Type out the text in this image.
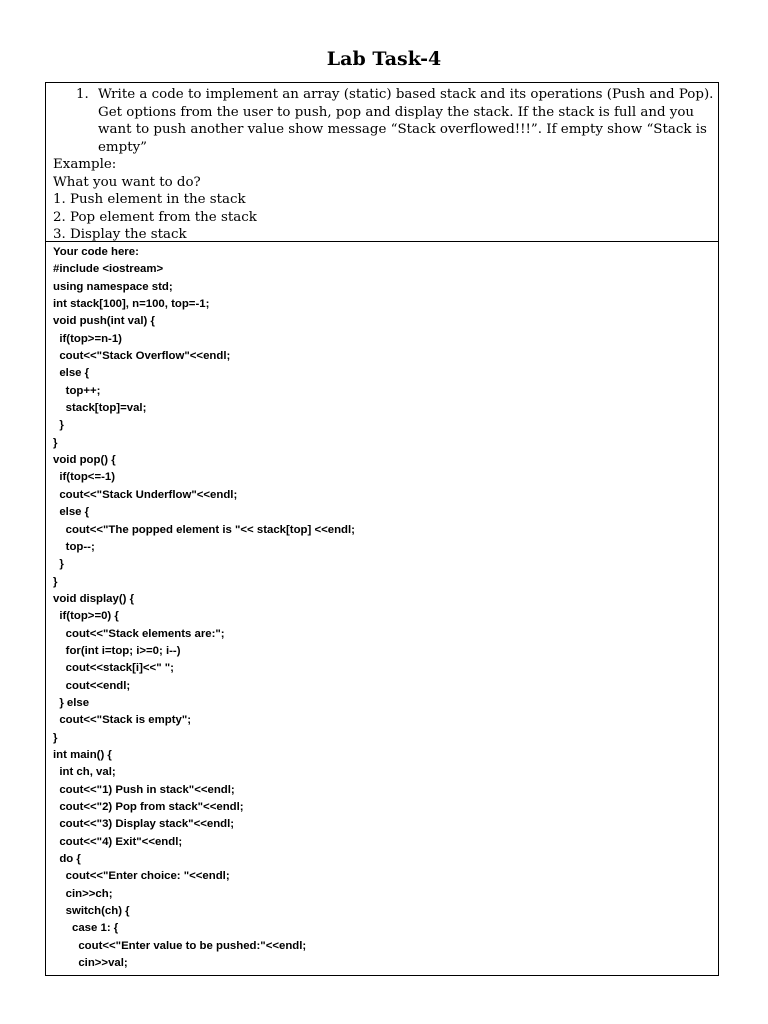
Lab Task-4
1. Write a code to implement an array (static) based stack and its operations (Push and Pop). Get options from the user to push, pop and display the stack. If the stack is full and you want to push another value show message “Stack overflowed!!!”. If empty show “Stack is empty”
Example:
What you want to do?
1. Push element in the stack
2. Pop element from the stack
3. Display the stack
Your code here:
#include <iostream>
using namespace std;
int stack[100], n=100, top=-1;
void push(int val) {
if(top>=n-1)
cout<<"Stack Overflow"<<endl;
else {
top++;
stack[top]=val;
}
}
void pop() {
if(top<=-1)
cout<<"Stack Underflow"<<endl;
else {
cout<<"The popped element is "<< stack[top] <<endl;
top--;
}
}
void display() {
if(top>=0) {
cout<<"Stack elements are:";
for(int i=top; i>=0; i--)
cout<<stack[i]<<" ";
cout<<endl;
} else
cout<<"Stack is empty";
}
int main() {
int ch, val;
cout<<"1) Push in stack"<<endl;
cout<<"2) Pop from stack"<<endl;
cout<<"3) Display stack"<<endl;
cout<<"4) Exit"<<endl;
do {
cout<<"Enter choice: "<<endl;
cin>>ch;
switch(ch) {
case 1: {
cout<<"Enter value to be pushed:"<<endl;
cin>>val;
